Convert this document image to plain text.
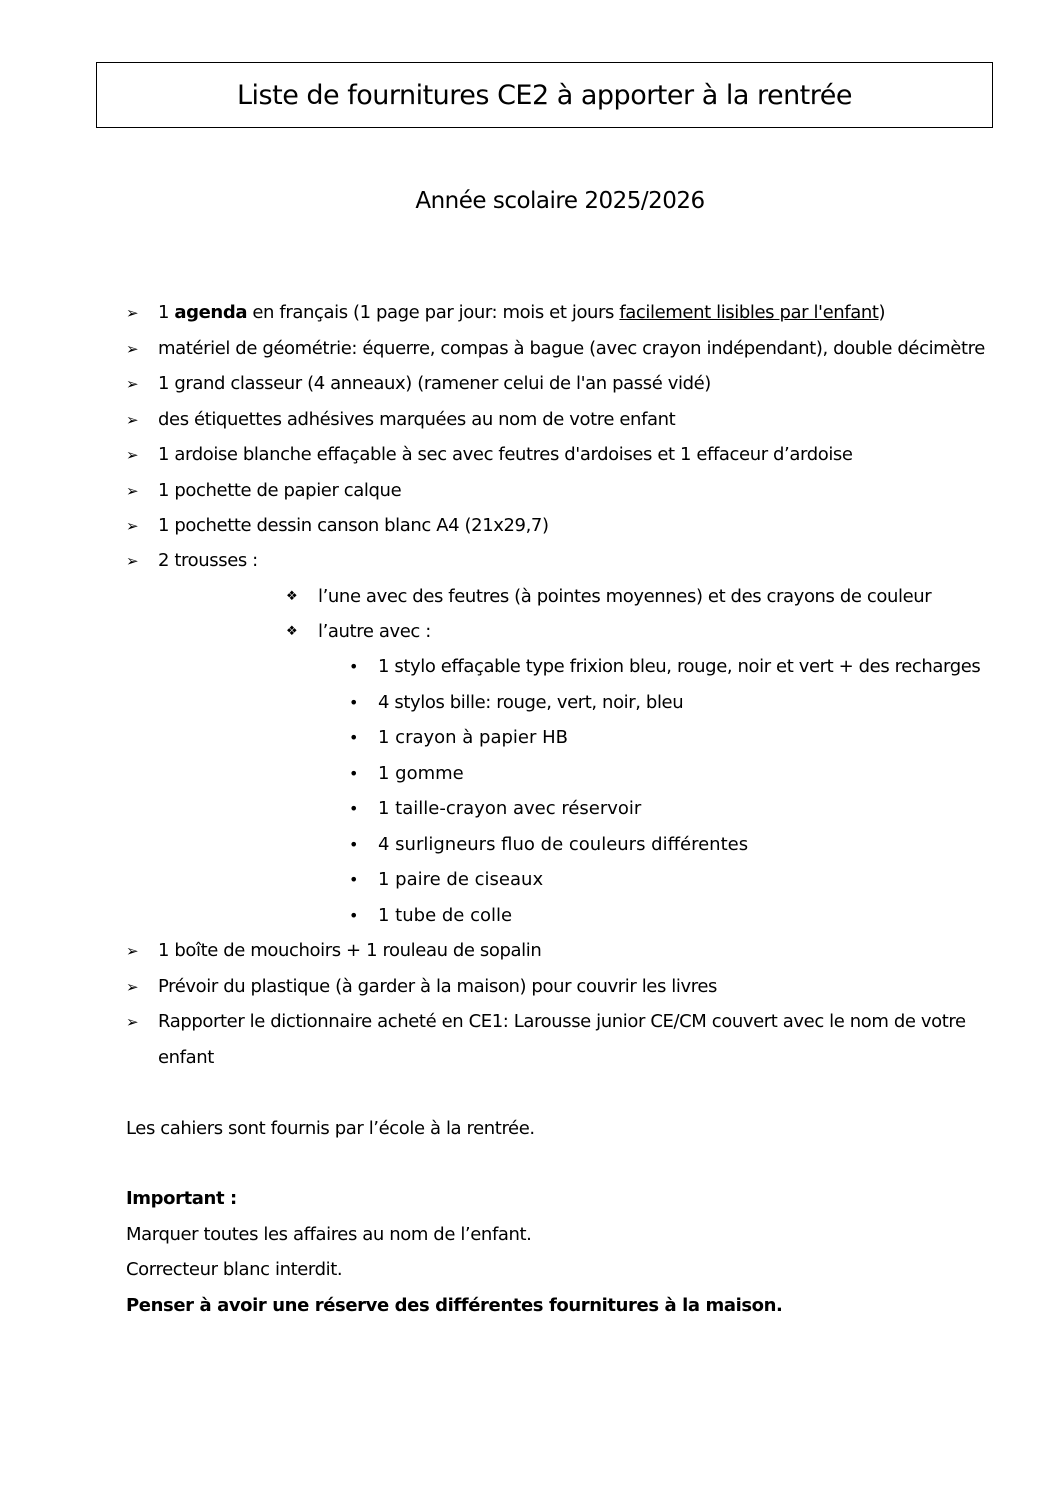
Liste de fournitures CE2 à apporter à la rentrée
Année scolaire 2025/2026
➢ 1 agenda en français (1 page par jour: mois et jours facilement lisibles par l'enfant)
➢ matériel de géométrie: équerre, compas à bague (avec crayon indépendant), double décimètre
➢ 1 grand classeur (4 anneaux) (ramener celui de l'an passé vidé)
➢ des étiquettes adhésives marquées au nom de votre enfant
➢ 1 ardoise blanche effaçable à sec avec feutres d'ardoises et 1 effaceur d’ardoise
➢ 1 pochette de papier calque
➢ 1 pochette dessin canson blanc A4 (21x29,7)
➢ 2 trousses :
❖ l’une avec des feutres (à pointes moyennes) et des crayons de couleur
❖ l’autre avec :
• 1 stylo effaçable type frixion bleu, rouge, noir et vert + des recharges
• 4 stylos bille: rouge, vert, noir, bleu
• 1 crayon à papier HB
• 1 gomme
• 1 taille-crayon avec réservoir
• 4 surligneurs fluo de couleurs différentes
• 1 paire de ciseaux
• 1 tube de colle
➢ 1 boîte de mouchoirs + 1 rouleau de sopalin
➢ Prévoir du plastique (à garder à la maison) pour couvrir les livres
➢ Rapporter le dictionnaire acheté en CE1: Larousse junior CE/CM couvert avec le nom de votre
enfant
Les cahiers sont fournis par l’école à la rentrée.
Important :
Marquer toutes les affaires au nom de l’enfant.
Correcteur blanc interdit.
Penser à avoir une réserve des différentes fournitures à la maison.
